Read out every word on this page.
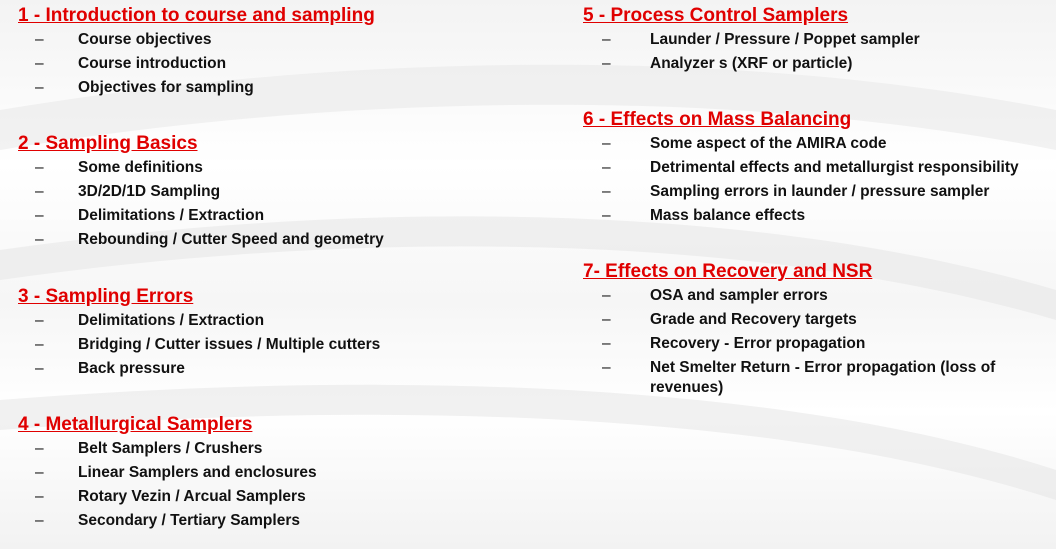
1 - Introduction to course and sampling
– Course objectives
– Course introduction
– Objectives for sampling
2 - Sampling Basics
– Some definitions
– 3D/2D/1D Sampling
– Delimitations / Extraction
– Rebounding / Cutter Speed and geometry
3 - Sampling Errors
– Delimitations / Extraction
– Bridging / Cutter issues / Multiple cutters
– Back pressure
4 - Metallurgical Samplers
– Belt Samplers / Crushers
– Linear Samplers and enclosures
– Rotary Vezin / Arcual Samplers
– Secondary / Tertiary Samplers
5 - Process Control Samplers
–	Launder / Pressure / Poppet sampler
–	Analyzer s (XRF or particle)
6 - Effects on Mass Balancing
–	Some aspect of the AMIRA code
–	Detrimental effects and metallurgist responsibility
–	Sampling errors in launder / pressure sampler
–	Mass balance effects
7- Effects on Recovery and NSR
–	OSA and sampler errors
–	Grade and Recovery targets
–	Recovery - Error propagation
–	Net Smelter Return - Error propagation (loss of revenues)
